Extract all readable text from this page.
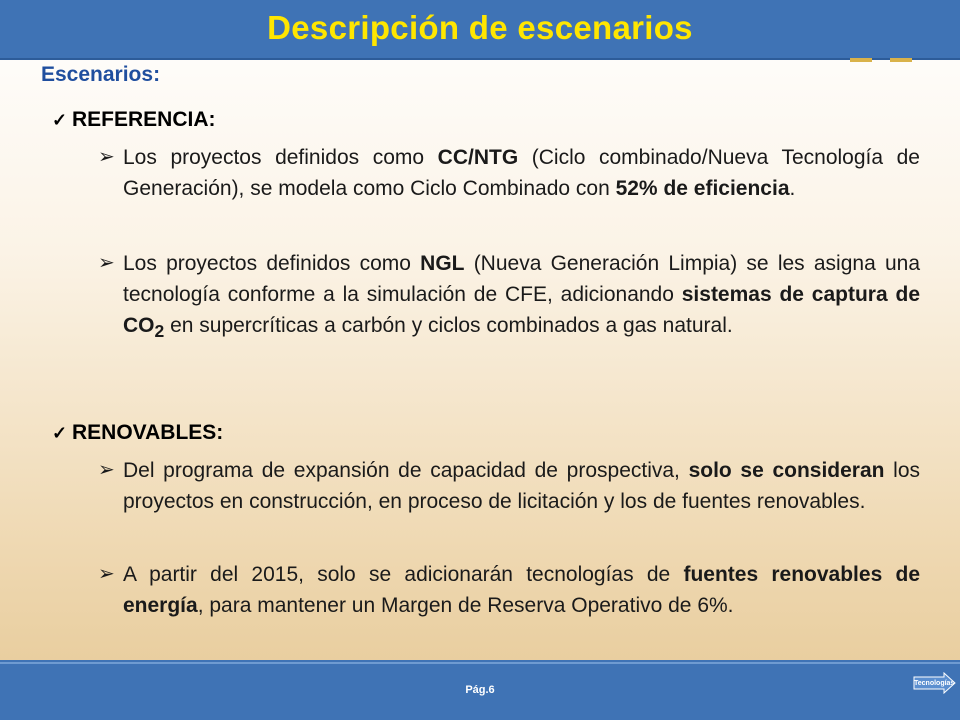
Descripción de escenarios
Escenarios:
✓ REFERENCIA:
➢ Los proyectos definidos como CC/NTG (Ciclo combinado/Nueva Tecnología de Generación), se modela como Ciclo Combinado con 52% de eficiencia.
➢ Los proyectos definidos como NGL (Nueva Generación Limpia) se les asigna una tecnología conforme a la simulación de CFE, adicionando sistemas de captura de $CO_2$ en supercríticas a carbón y ciclos combinados a gas natural.
✓ RENOVABLES:
➢ Del programa de expansión de capacidad de prospectiva, solo se consideran los proyectos en construcción, en proceso de licitación y los de fuentes renovables.
➢ A partir del 2015, solo se adicionarán tecnologías de fuentes renovables de energía, para mantener un Margen de Reserva Operativo de 6%.
Pág.6
Tecnologías
